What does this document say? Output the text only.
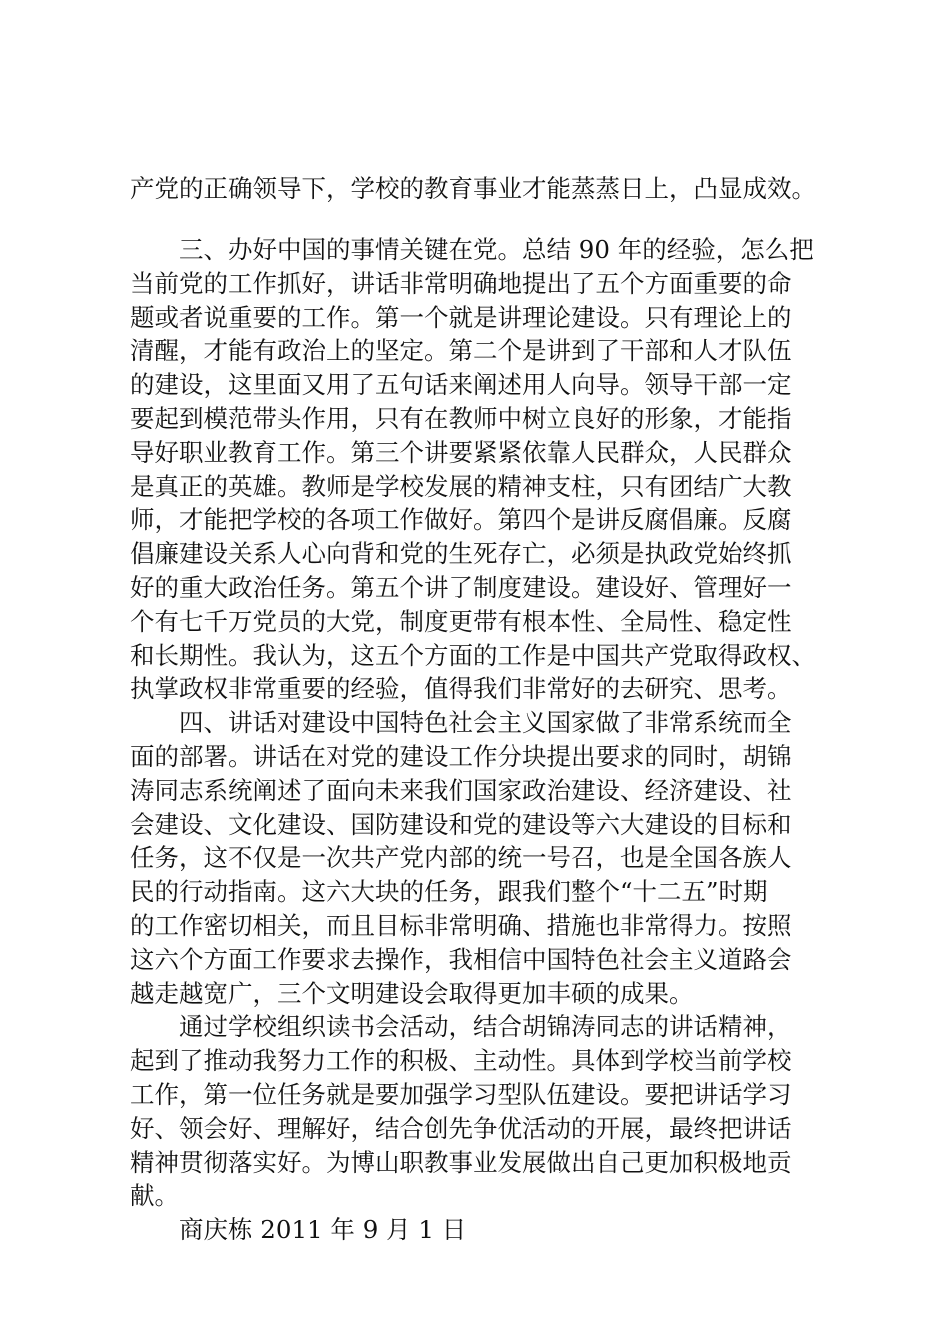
产党的正确领导下，学校的教育事业才能蒸蒸日上，凸显成效。
三、办好中国的事情关键在党。总结 90 年的经验，怎么把
当前党的工作抓好，讲话非常明确地提出了五个方面重要的命
题或者说重要的工作。第一个就是讲理论建设。只有理论上的
清醒，才能有政治上的坚定。第二个是讲到了干部和人才队伍
的建设，这里面又用了五句话来阐述用人向导。领导干部一定
要起到模范带头作用，只有在教师中树立良好的形象，才能指
导好职业教育工作。第三个讲要紧紧依靠人民群众，人民群众
是真正的英雄。教师是学校发展的精神支柱，只有团结广大教
师，才能把学校的各项工作做好。第四个是讲反腐倡廉。反腐
倡廉建设关系人心向背和党的生死存亡，必须是执政党始终抓
好的重大政治任务。第五个讲了制度建设。建设好、管理好一
个有七千万党员的大党，制度更带有根本性、全局性、稳定性
和长期性。我认为，这五个方面的工作是中国共产党取得政权、
执掌政权非常重要的经验，值得我们非常好的去研究、思考。
四、讲话对建设中国特色社会主义国家做了非常系统而全
面的部署。讲话在对党的建设工作分块提出要求的同时，胡锦
涛同志系统阐述了面向未来我们国家政治建设、经济建设、社
会建设、文化建设、国防建设和党的建设等六大建设的目标和
任务，这不仅是一次共产党内部的统一号召，也是全国各族人
民的行动指南。这六大块的任务，跟我们整个“十二五”时期
的工作密切相关，而且目标非常明确、措施也非常得力。按照
这六个方面工作要求去操作，我相信中国特色社会主义道路会
越走越宽广，三个文明建设会取得更加丰硕的成果。
通过学校组织读书会活动，结合胡锦涛同志的讲话精神，
起到了推动我努力工作的积极、主动性。具体到学校当前学校
工作，第一位任务就是要加强学习型队伍建设。要把讲话学习
好、领会好、理解好，结合创先争优活动的开展，最终把讲话
精神贯彻落实好。为博山职教事业发展做出自己更加积极地贡
献。
商庆栋 2011 年 9 月 1 日
